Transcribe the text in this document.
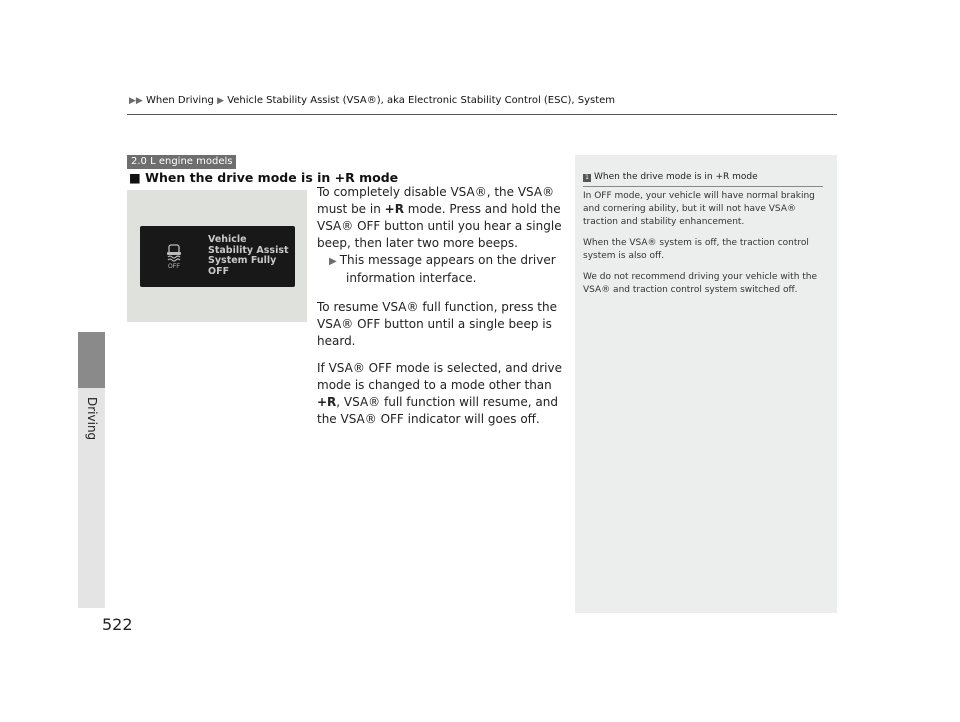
▶▶ When Driving ▶ Vehicle Stability Assist (VSA®), aka Electronic Stability Control (ESC), System
Driving
522
2.0 L engine models
■ When the drive mode is in +R mode
OFF
Vehicle
Stability Assist
System Fully
OFF

To completely disable VSA®, the VSA® must be in +R mode. Press and hold the VSA® OFF button until you hear a single beep, then later two more beeps.

▶ This message appears on the driver
information interface.

To resume VSA® full function, press the VSA® OFF button until a single beep is heard.

If VSA® OFF mode is selected, and drive mode is changed to a mode other than +R, VSA® full function will resume, and the VSA® OFF indicator will goes off.

1 When the drive mode is in +R mode

In OFF mode, your vehicle will have normal braking and cornering ability, but it will not have VSA® traction and stability enhancement.

When the VSA® system is off, the traction control system is also off.

We do not recommend driving your vehicle with the VSA® and traction control system switched off.
